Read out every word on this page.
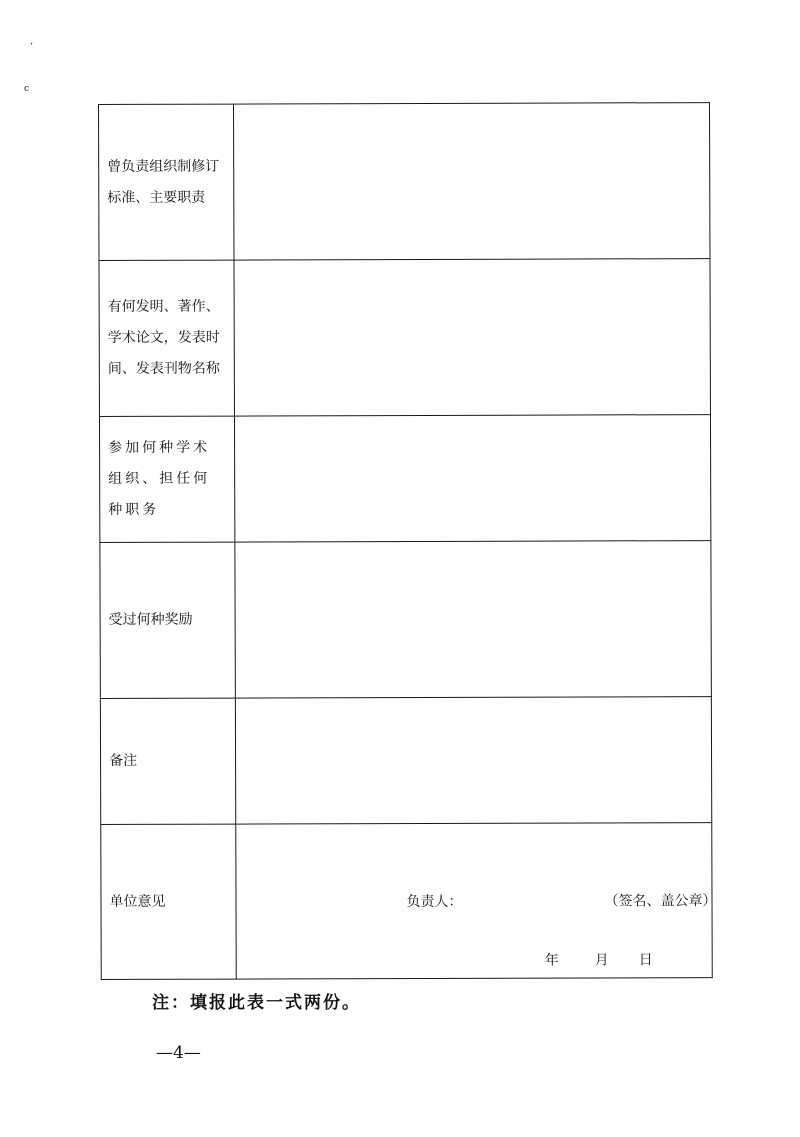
ʻ
c
曾负责组织制修订标准、主要职责	

有何发明、著作、学术论文，发表时间、发表刊物名称	

参加何种学术组织、担任何种职务	

受过何种奖励	
备注	
单位意见	负责人： （签名、盖公章）
年 月 日
注：填报此表一式两份。
—4—
